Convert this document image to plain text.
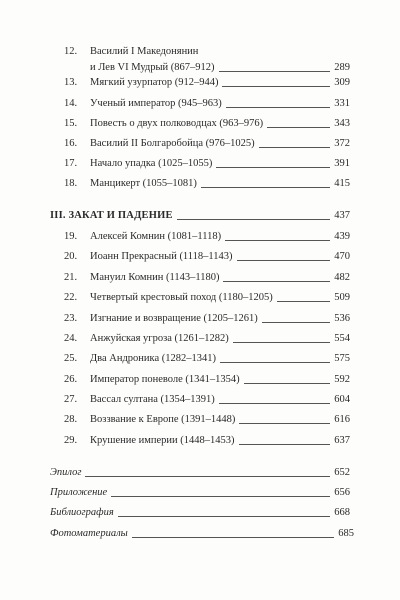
12.	Василий I Македонянин
и Лев VI Мудрый (867–912)	289
13.	Мягкий узурпатор (912–944)	309
14.	Ученый император (945–963)	331
15.	Повесть о двух полководцах (963–976)	343
16.	Василий II Болгаробойца (976–1025)	372
17.	Начало упадка (1025–1055)	391
18.	Манцикерт (1055–1081)	415
III. ЗАКАТ И ПАДЕНИЕ	437
19.	Алексей Комнин (1081–1118)	439
20.	Иоанн Прекрасный (1118–1143)	470
21.	Мануил Комнин (1143–1180)	482
22.	Четвертый крестовый поход (1180–1205)	509
23.	Изгнание и возвращение (1205–1261)	536
24.	Анжуйская угроза (1261–1282)	554
25.	Два Андроника (1282–1341)	575
26.	Император поневоле (1341–1354)	592
27.	Вассал султана (1354–1391)	604
28.	Воззвание к Европе (1391–1448)	616
29.	Крушение империи (1448–1453)	637
Эпилог	652
Приложение	656
Библиография	668
Фотоматериалы	685
